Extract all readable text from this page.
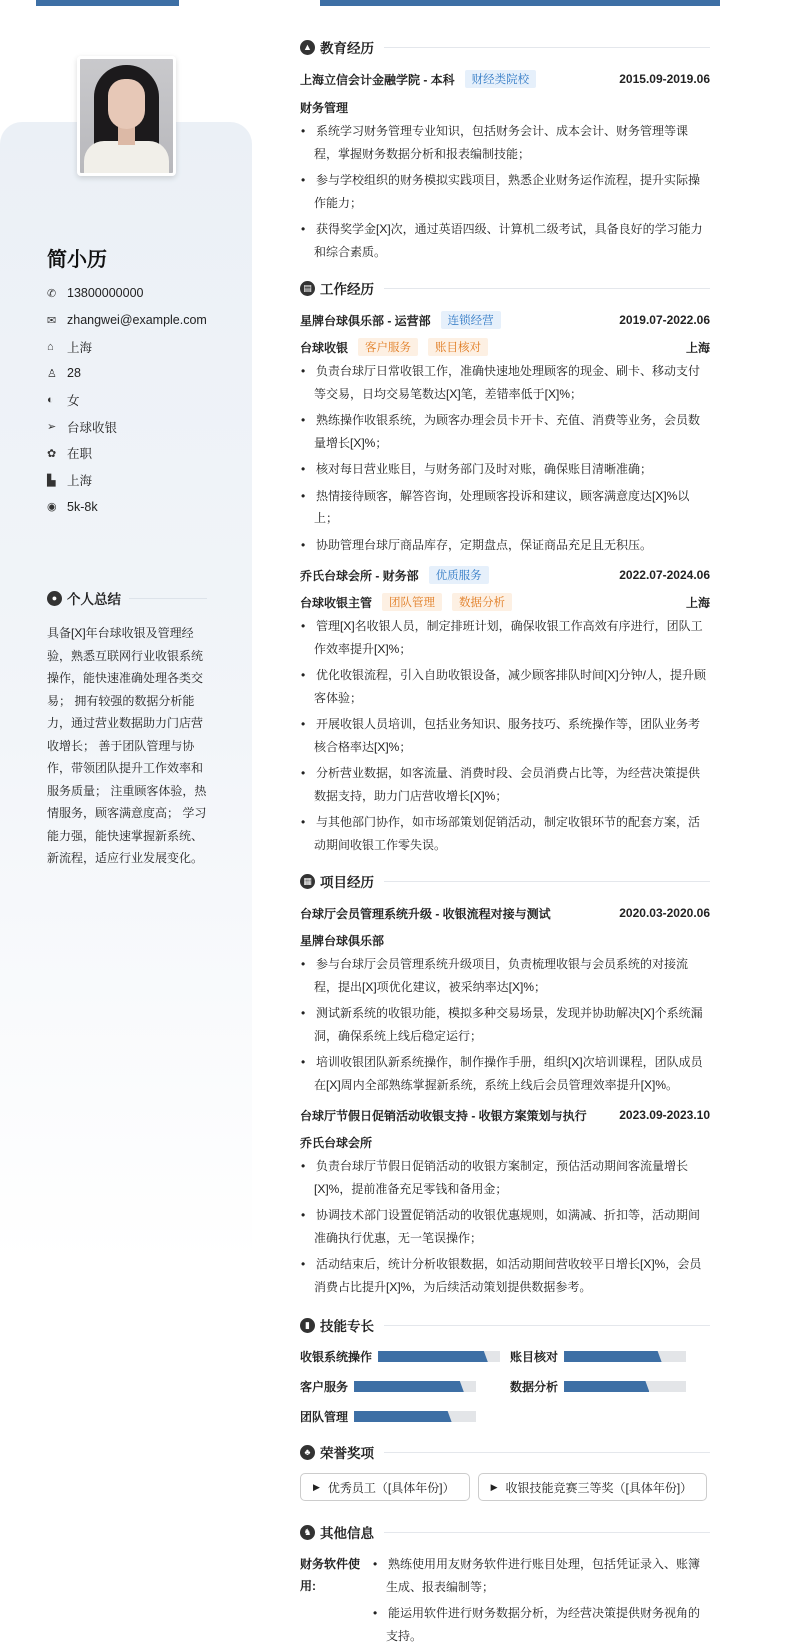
简小历
✆ 13800000000
✉ zhangwei@example.com
⌂	上海
♙ 28
◐	女
➢ 台球收银
✿ 在职
▙ 上海
◉ 5k-8k
● 个人总结
具备[X]年台球收银及管理经验，熟悉互联网行业收银系统操作，能快速准确处理各类交易； 拥有较强的数据分析能力，通过营业数据助力门店营收增长； 善于团队管理与协作，带领团队提升工作效率和服务质量； 注重顾客体验，热情服务，顾客满意度高； 学习能力强，能快速掌握新系统、新流程，适应行业发展变化。
▲ 教育经历
上海立信会计金融学院 - 本科	财经类院校	2015.09-2019.06
财务管理
• 系统学习财务管理专业知识，包括财务会计、成本会计、财务管理等课程，掌握财务数据分析和报表编制技能；
• 参与学校组织的财务模拟实践项目，熟悉企业财务运作流程，提升实际操作能力；
• 获得奖学金[X]次，通过英语四级、计算机二级考试，具备良好的学习能力和综合素质。
▤ 工作经历
星牌台球俱乐部 - 运营部	连锁经营	2019.07-2022.06
台球收银	客户服务	账目核对	上海
• 负责台球厅日常收银工作，准确快速地处理顾客的现金、刷卡、移动支付等交易，日均交易笔数达[X]笔，差错率低于[X]%；
• 熟练操作收银系统，为顾客办理会员卡开卡、充值、消费等业务，会员数量增长[X]%；
• 核对每日营业账目，与财务部门及时对账，确保账目清晰准确；
• 热情接待顾客，解答咨询，处理顾客投诉和建议，顾客满意度达[X]%以上；
• 协助管理台球厅商品库存，定期盘点，保证商品充足且无积压。
乔氏台球会所 - 财务部	优质服务	2022.07-2024.06
台球收银主管	团队管理	数据分析	上海
• 管理[X]名收银人员，制定排班计划，确保收银工作高效有序进行，团队工作效率提升[X]%；
• 优化收银流程，引入自助收银设备，减少顾客排队时间[X]分钟/人，提升顾客体验；
• 开展收银人员培训，包括业务知识、服务技巧、系统操作等，团队业务考核合格率达[X]%；
• 分析营业数据，如客流量、消费时段、会员消费占比等，为经营决策提供数据支持，助力门店营收增长[X]%；
• 与其他部门协作，如市场部策划促销活动，制定收银环节的配套方案，活动期间收银工作零失误。
▦ 项目经历
台球厅会员管理系统升级 - 收银流程对接与测试	2020.03-2020.06
星牌台球俱乐部
• 参与台球厅会员管理系统升级项目，负责梳理收银与会员系统的对接流程，提出[X]项优化建议，被采纳率达[X]%；
• 测试新系统的收银功能，模拟多种交易场景，发现并协助解决[X]个系统漏洞，确保系统上线后稳定运行；
• 培训收银团队新系统操作，制作操作手册，组织[X]次培训课程，团队成员在[X]周内全部熟练掌握新系统，系统上线后会员管理效率提升[X]%。
台球厅节假日促销活动收银支持 - 收银方案策划与执行	2023.09-2023.10
乔氏台球会所
• 负责台球厅节假日促销活动的收银方案制定，预估活动期间客流量增长[X]%，提前准备充足零钱和备用金；
• 协调技术部门设置促销活动的收银优惠规则，如满减、折扣等，活动期间准确执行优惠，无一笔误操作；
• 活动结束后，统计分析收银数据，如活动期间营收较平日增长[X]%，会员消费占比提升[X]%，为后续活动策划提供数据参考。
▮ 技能专长
收银系统操作	账目核对
客户服务	数据分析
团队管理
♣ 荣誉奖项
▶ 优秀员工（[具体年份]）	▶ 收银技能竞赛三等奖（[具体年份]）
♞ 其他信息
财务软件使用:
• 熟练使用用友财务软件进行账目处理，包括凭证录入、账簿生成、报表编制等；
• 能运用软件进行财务数据分析，为经营决策提供财务视角的支持。
